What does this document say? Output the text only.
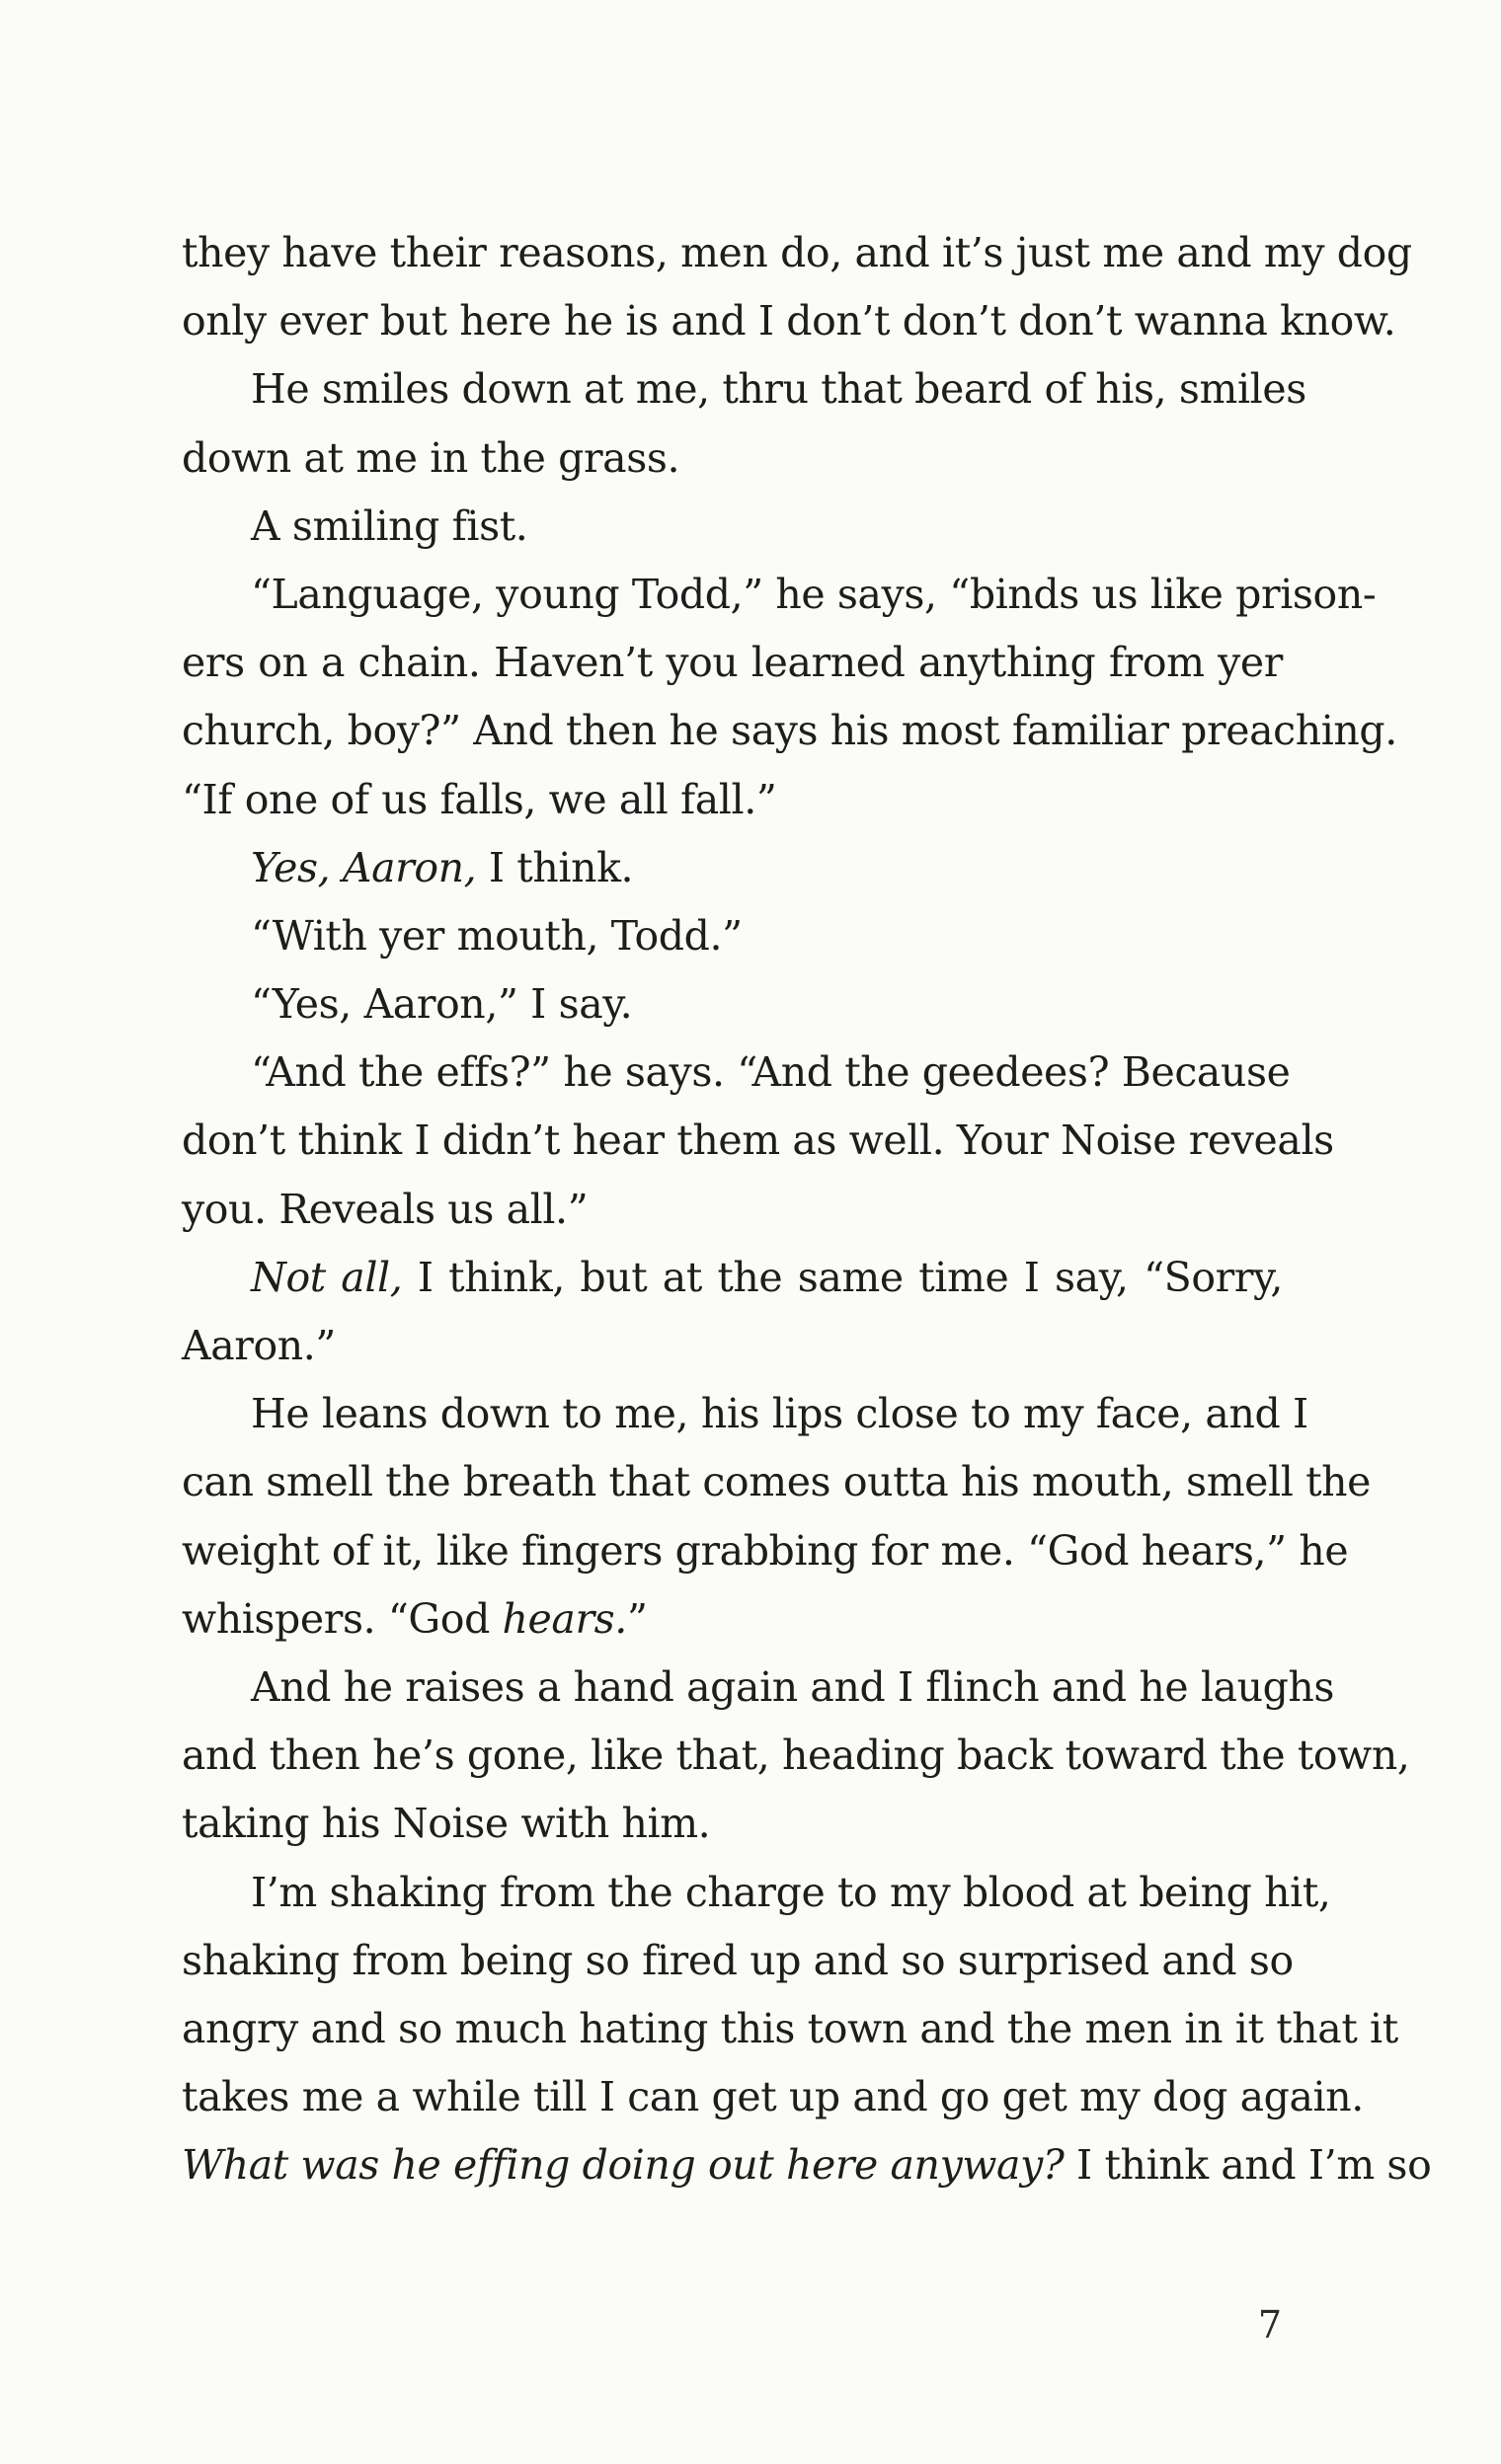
they have their reasons, men do, and it’s just me and my dog
only ever but here he is and I don’t don’t don’t wanna know.
He smiles down at me, thru that beard of his, smiles
down at me in the grass.
A smiling fist.
“Language, young Todd,” he says, “binds us like prison-
ers on a chain. Haven’t you learned anything from yer
church, boy?” And then he says his most familiar preaching.
“If one of us falls, we all fall.”
Yes, Aaron, I think.
“With yer mouth, Todd.”
“Yes, Aaron,” I say.
“And the effs?” he says. “And the geedees? Because
don’t think I didn’t hear them as well. Your Noise reveals
you. Reveals us all.”
Not all, I think, but at the same time I say, “Sorry,
Aaron.”
He leans down to me, his lips close to my face, and I
can smell the breath that comes outta his mouth, smell the
weight of it, like fingers grabbing for me. “God hears,” he
whispers. “God hears.”
And he raises a hand again and I flinch and he laughs
and then he’s gone, like that, heading back toward the town,
taking his Noise with him.
I’m shaking from the charge to my blood at being hit,
shaking from being so fired up and so surprised and so
angry and so much hating this town and the men in it that it
takes me a while till I can get up and go get my dog again.
What was he effing doing out here anyway? I think and I’m so
7
